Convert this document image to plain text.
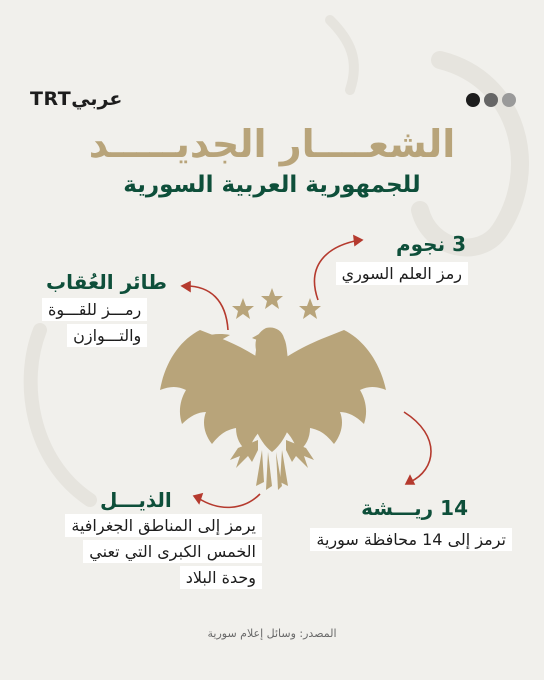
TRTعربي
الشعــــار الجديـــــد
للجمهورية العربية السورية
3 نجوم
رمز العلم السوري
طائر العُقاب
رمـــز للقـــوة
والتـــوازن
14 ريـــشة
ترمز إلى 14 محافظة سورية
الذيـــل
يرمز إلى المناطق الجغرافية
الخمس الكبرى التي تعني
وحدة البلاد
المصدر: وسائل إعلام سورية
